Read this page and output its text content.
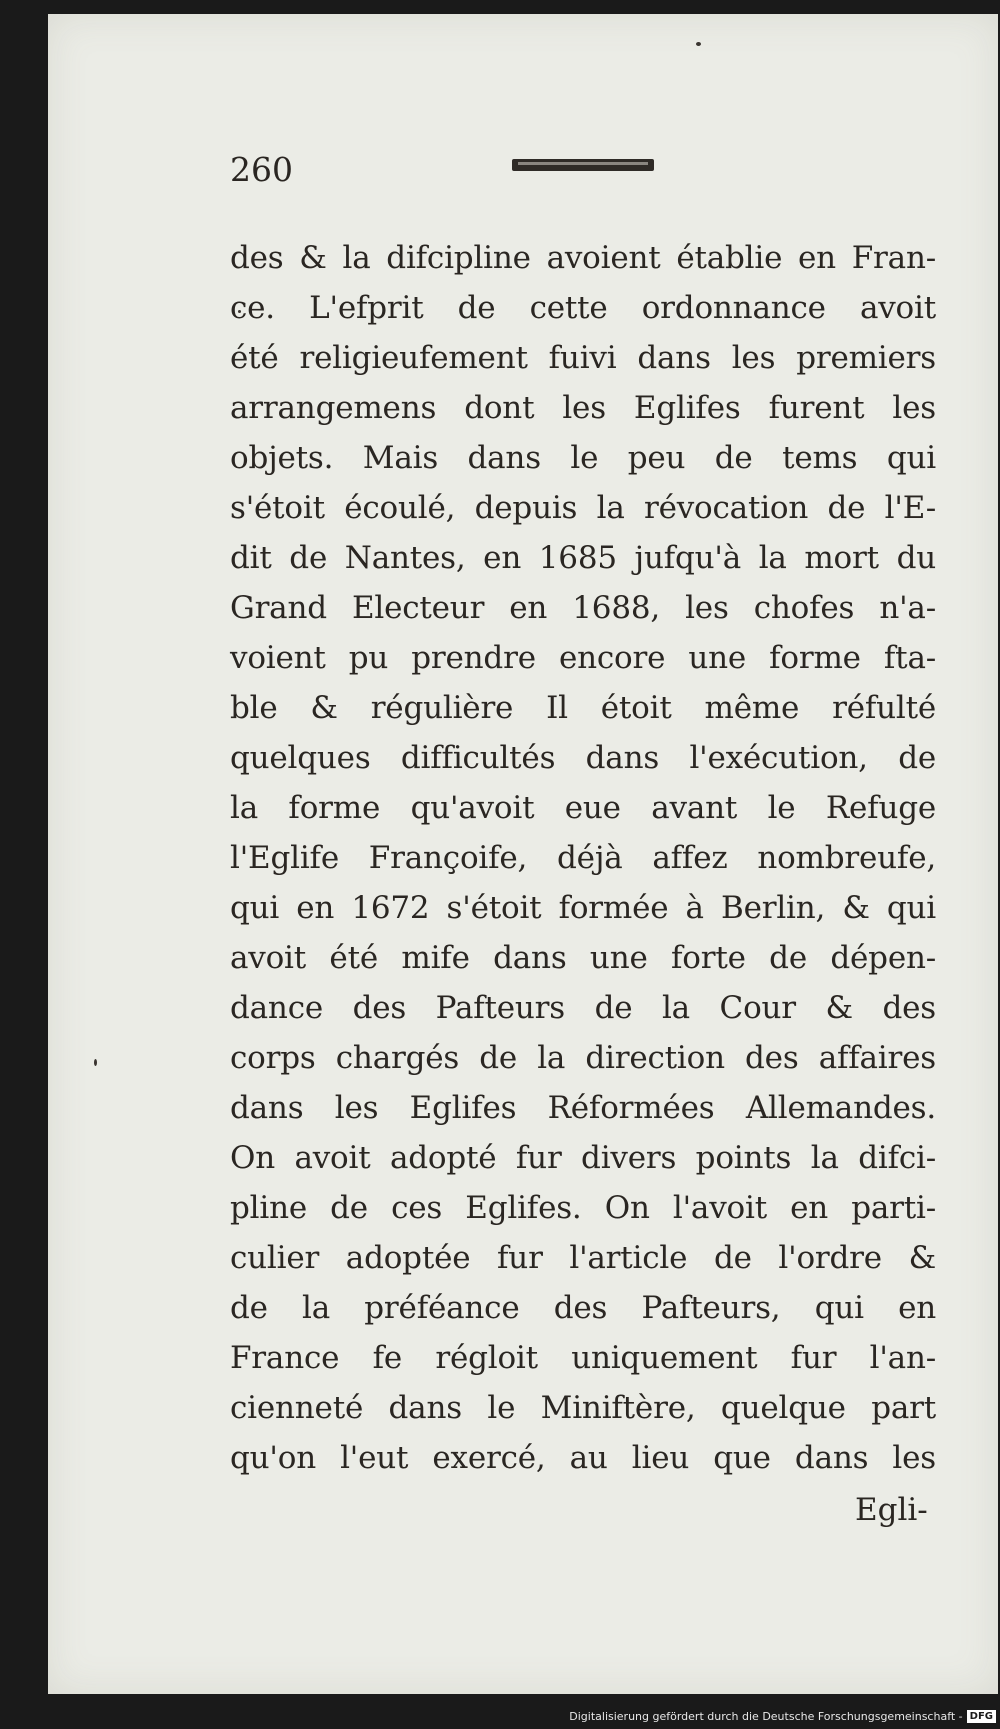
260
des & la difcipline avoient établie en Fran-
ce. L'efprit de cette ordonnance avoit
été religieufement fuivi dans les premiers
arrangemens dont les Eglifes furent les
objets. Mais dans le peu de tems qui
s'étoit écoulé, depuis la révocation de l'E-
dit de Nantes, en 1685 jufqu'à la mort du
Grand Electeur en 1688, les chofes n'a-
voient pu prendre encore une forme fta-
ble & régulière Il étoit même réfulté
quelques difficultés dans l'exécution, de
la forme qu'avoit eue avant le Refuge
l'Eglife Françoife, déjà affez nombreufe,
qui en 1672 s'étoit formée à Berlin, & qui
avoit été mife dans une forte de dépen-
dance des Pafteurs de la Cour & des
corps chargés de la direction des affaires
dans les Eglifes Réformées Allemandes.
On avoit adopté fur divers points la difci-
pline de ces Eglifes. On l'avoit en parti-
culier adoptée fur l'article de l'ordre &
de la préféance des Pafteurs, qui en
France fe régloit uniquement fur l'an-
cienneté dans le Miniftère, quelque part
qu'on l'eut exercé, au lieu que dans les
Egli-
Digitalisierung gefördert durch die Deutsche Forschungsgemeinschaft - DFG
